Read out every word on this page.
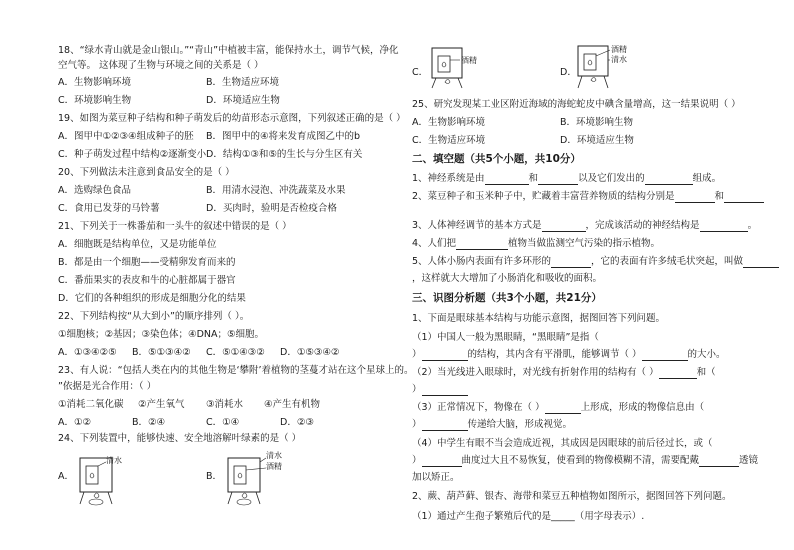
18、“绿水青山就是金山银山。”“青山”中植被丰富，能保持水土，调节气候，净化
空气等。 这体现了生物与环境之间的关系是（ ）
A．生物影响环境	B．生物适应环境
C．环境影响生物	D．环境适应生物
19、如图为菜豆种子结构和种子萌发后的幼苗形态示意图，下列叙述正确的是（ ）
A．图甲中①②③④组成种子的胚 B．图甲中的④将来发育成图乙中的b
C．种子萌发过程中结构②逐渐变小 D．结构①③和⑤的生长与分生区有关
20、下列做法未注意到食品安全的是（ ）
A．选购绿色食品	B．用清水浸泡、冲洗蔬菜及水果
C．食用已发芽的马铃薯	D．买肉时，验明是否检疫合格
21、下列关于一株番茄和一头牛的叙述中错误的是（ ）
A．细胞既是结构单位，又是功能单位
B．都是由一个细胞——受精卵发育而来的
C．番茄果实的表皮和牛的心脏都属于器官
D．它们的各种组织的形成是细胞分化的结果
22、下列结构按“从大到小”的顺序排列（ ）。
①细胞核；②基因；③染色体；④DNA；⑤细胞。
A．①③④②⑤ B．⑤①③④② C．⑤①④③② D．①⑤③④②
23、有人说：“包括人类在内的其他生物是‘攀附’着植物的茎蔓才站在这个星球上的。
”依据是光合作用：（ ）
①消耗二氧化碳 ②产生氧气 ③消耗水 ④产生有机物
A．①②	B．②④	C．①④	D．②③
24、下列装置中，能够快速、安全地溶解叶绿素的是（ ）
A．
清水
B．
清水
酒精
C．
酒精
D．
酒精
清水
25、研究发现某工业区附近海域的海蛇蛇皮中碘含量增高，这一结果说明（ ）
A．生物影响环境	B．环境影响生物
C．生物适应环境	D．环境适应生物
二、填空题（共5个小题，共10分）
1、神经系统是由	和	以及它们发出的	组成。
2、菜豆种子和玉米种子中，贮藏着丰富营养物质的结构分别是	和
3、人体神经调节的基本方式是	，完成该活动的神经结构是	。
4、人们把	植物当做监测空气污染的指示植物。
5、人体小肠内表面有许多环形的	，它的表面有许多绒毛状突起，叫做
，这样就大大增加了小肠消化和吸收的面积。
三、识图分析题（共3个小题，共21分）
1、下面是眼球基本结构与功能示意图，据图回答下列问题。
（1）中国人一般为黑眼睛，“黑眼睛”是指（
）	的结构，其内含有平滑肌，能够调节（ ）	的大小。
（2）当光线进入眼球时，对光线有折射作用的结构有（ ）	和（
）
（3）正常情况下，物像在（ ）	上形成，形成的物像信息由（
）	传递给大脑，形成视觉。
（4）中学生有眼不当会造成近视，其成因是因眼球的前后径过长，或（
）	曲度过大且不易恢复，使看到的物像模糊不清，需要配戴	透镜
加以矫正。
2、蕨、葫芦藓、银杏、海带和菜豆五种植物如图所示，据图回答下列问题。
（1）通过产生孢子繁殖后代的是_____（用字母表示）.
